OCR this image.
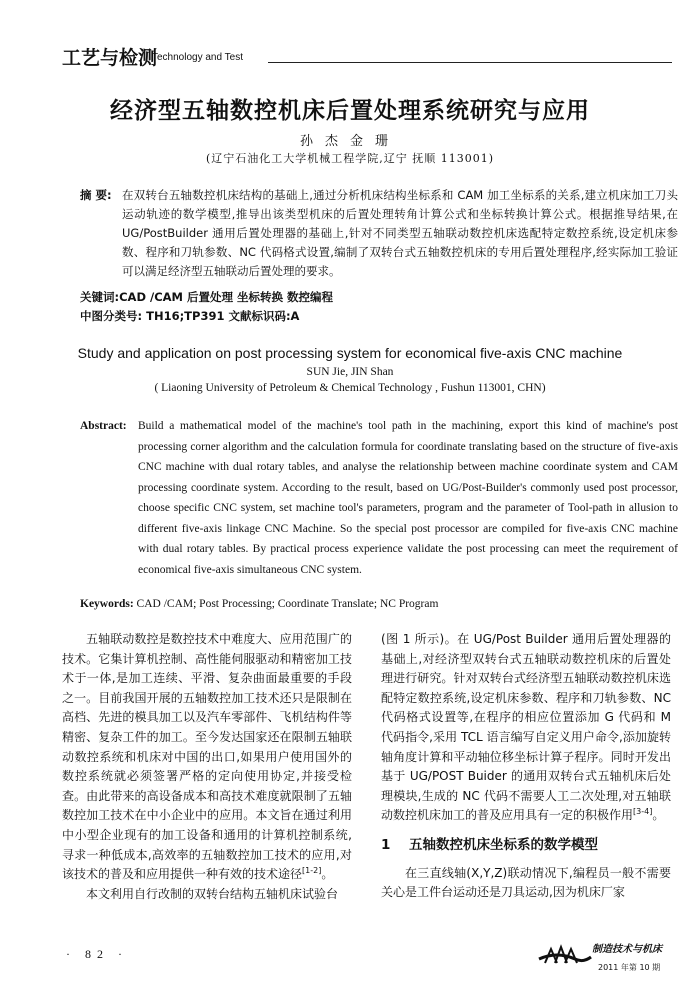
工艺与检测
Technology and Test
经济型五轴数控机床后置处理系统研究与应用
孙杰金珊
(辽宁石油化工大学机械工程学院,辽宁 抚顺 113001)
摘 要: 在双转台五轴数控机床结构的基础上,通过分析机床结构坐标系和 CAM 加工坐标系的关系,建立机床加工刀头运动轨迹的数学模型,推导出该类型机床的后置处理转角计算公式和坐标转换计算公式。根据推导结果,在 UG/PostBuilder 通用后置处理器的基础上,针对不同类型五轴联动数控机床选配特定数控系统,设定机床参数、程序和刀轨参数、NC 代码格式设置,编制了双转台式五轴数控机床的专用后置处理程序,经实际加工验证可以满足经济型五轴联动后置处理的要求。
关键词:CAD /CAM 后置处理 坐标转换 数控编程
中图分类号: TH16;TP391 文献标识码:A
Study and application on post processing system for economical five-axis CNC machine
SUN Jie, JIN Shan
( Liaoning University of Petroleum & Chemical Technology , Fushun 113001, CHN)
Abstract: Build a mathematical model of the machine's tool path in the machining, export this kind of machine's post processing corner algorithm and the calculation formula for coordinate translating based on the structure of five-axis CNC machine with dual rotary tables, and analyse the relationship between machine coordinate system and CAM processing coordinate system. According to the result, based on UG/Post-Builder's commonly used post processor, choose specific CNC system, set machine tool's parameters, program and the parameter of Tool-path in allusion to different five-axis linkage CNC Machine. So the special post processor are compiled for five-axis CNC machine with dual rotary tables. By practical process experience validate the post processing can meet the requirement of economical five-axis simultaneous CNC system.
Keywords: CAD /CAM; Post Processing; Coordinate Translate; NC Program

五轴联动数控是数控技术中难度大、应用范围广的技术。它集计算机控制、高性能伺服驱动和精密加工技术于一体,是加工连续、平滑、复杂曲面最重要的手段之一。目前我国开展的五轴数控加工技术还只是限制在高档、先进的模具加工以及汽车零部件、飞机结构件等精密、复杂工件的加工。至今发达国家还在限制五轴联动数控系统和机床对中国的出口,如果用户使用国外的数控系统就必须签署严格的定向使用协定,并接受检查。由此带来的高设备成本和高技术难度就限制了五轴数控加工技术在中小企业中的应用。本文旨在通过利用中小型企业现有的加工设备和通用的计算机控制系统,寻求一种低成本,高效率的五轴数控加工技术的应用,对该技术的普及和应用提供一种有效的技术途径[1-2]。

本文利用自行改制的双转台结构五轴机床试验台

(图 1 所示)。在 UG/Post Builder 通用后置处理器的基础上,对经济型双转台式五轴联动数控机床的后置处理进行研究。针对双转台式经济型五轴联动数控机床选配特定数控系统,设定机床参数、程序和刀轨参数、NC 代码格式设置等,在程序的相应位置添加 G 代码和 M 代码指令,采用 TCL 语言编写自定义用户命令,添加旋转轴角度计算和平动轴位移坐标计算子程序。同时开发出基于 UG/POST Buider 的通用双转台式五轴机床后处理模块,生成的 NC 代码不需要人工二次处理,对五轴联动数控机床加工的普及应用具有一定的积极作用[3-4]。

1 五轴数控机床坐标系的数学模型

在三直线轴(X,Y,Z)联动情况下,编程员一般不需要关心是工件台运动还是刀具运动,因为机床厂家

· 82 ·	制造技术与机床
2011 年第 10 期
